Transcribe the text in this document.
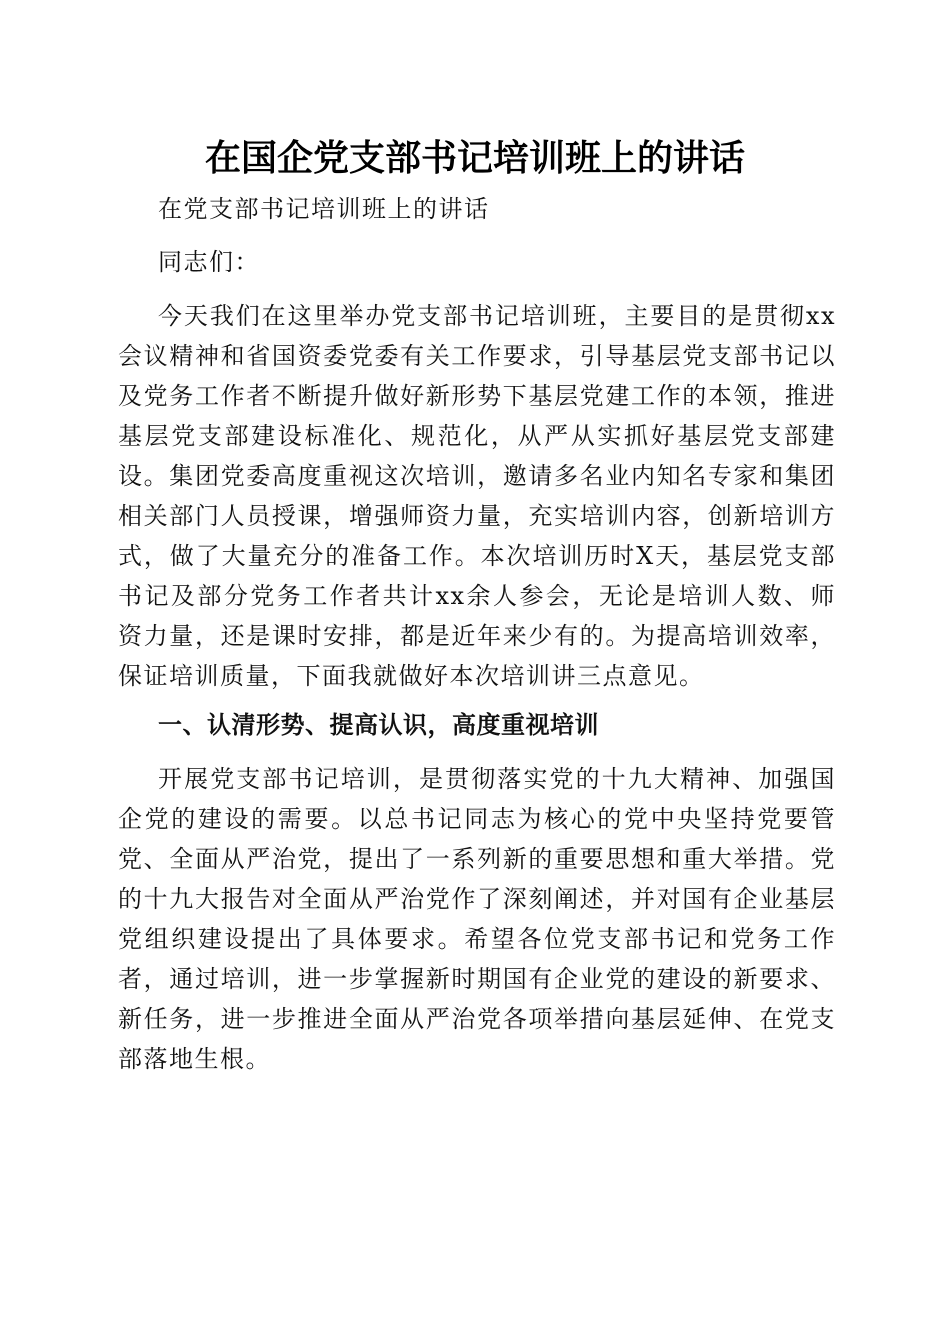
在国企党支部书记培训班上的讲话

在党支部书记培训班上的讲话

同志们：

今天我们在这里举办党支部书记培训班，主要目的是贯彻xx会议精神和省国资委党委有关工作要求，引导基层党支部书记以及党务工作者不断提升做好新形势下基层党建工作的本领，推进基层党支部建设标准化、规范化，从严从实抓好基层党支部建设。集团党委高度重视这次培训，邀请多名业内知名专家和集团相关部门人员授课，增强师资力量，充实培训内容，创新培训方式，做了大量充分的准备工作。本次培训历时X天，基层党支部书记及部分党务工作者共计xx余人参会，无论是培训人数、师资力量，还是课时安排，都是近年来少有的。为提高培训效率，保证培训质量，下面我就做好本次培训讲三点意见。

一、认清形势、提高认识，高度重视培训

开展党支部书记培训，是贯彻落实党的十九大精神、加强国企党的建设的需要。以总书记同志为核心的党中央坚持党要管党、全面从严治党，提出了一系列新的重要思想和重大举措。党的十九大报告对全面从严治党作了深刻阐述，并对国有企业基层党组织建设提出了具体要求。希望各位党支部书记和党务工作者，通过培训，进一步掌握新时期国有企业党的建设的新要求、新任务，进一步推进全面从严治党各项举措向基层延伸、在党支部落地生根。
